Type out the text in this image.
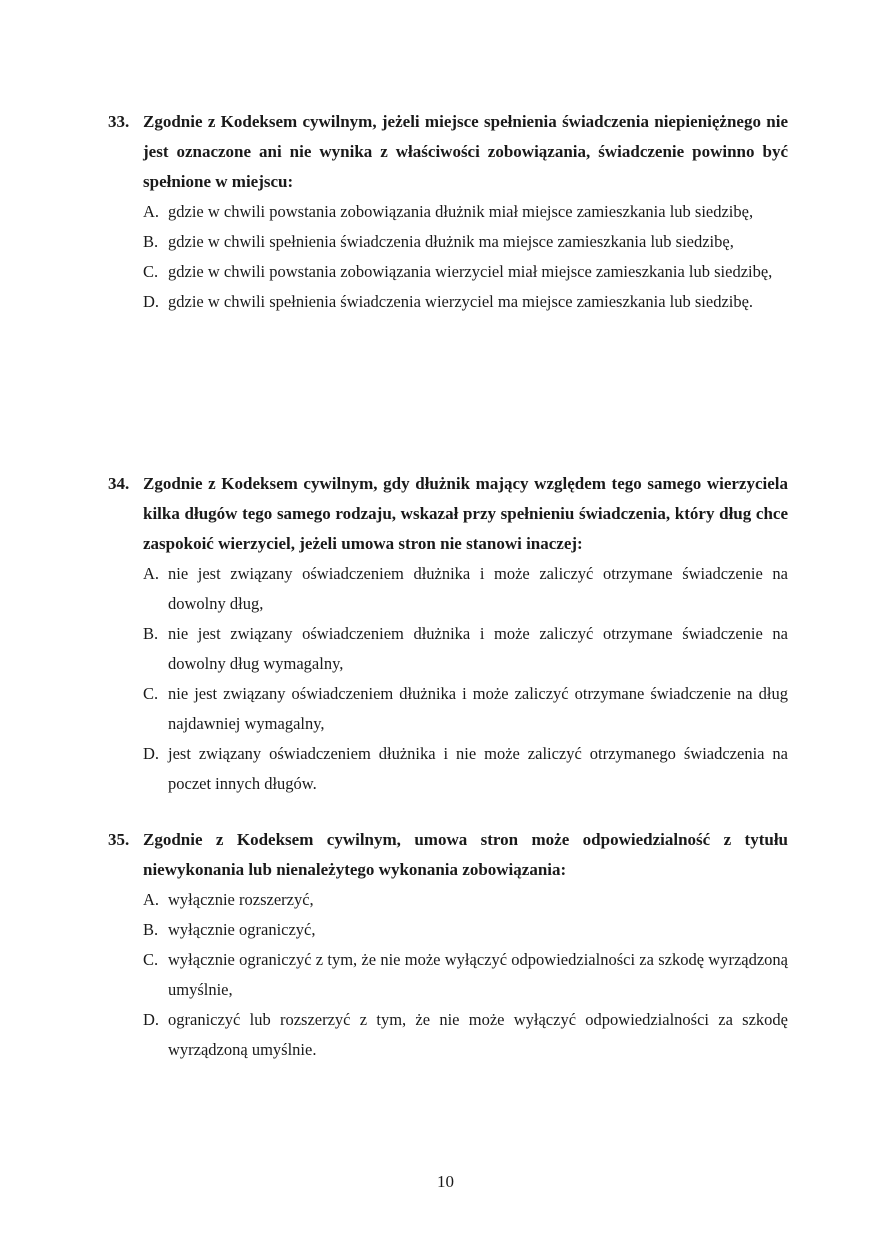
33. Zgodnie z Kodeksem cywilnym, jeżeli miejsce spełnienia świadczenia niepieniężnego nie jest oznaczone ani nie wynika z właściwości zobowiązania, świadczenie powinno być spełnione w miejscu:
A. gdzie w chwili powstania zobowiązania dłużnik miał miejsce zamieszkania lub siedzibę,
B. gdzie w chwili spełnienia świadczenia dłużnik ma miejsce zamieszkania lub siedzibę,
C. gdzie w chwili powstania zobowiązania wierzyciel miał miejsce zamieszkania lub siedzibę,
D. gdzie w chwili spełnienia świadczenia wierzyciel ma miejsce zamieszkania lub siedzibę.
34. Zgodnie z Kodeksem cywilnym, gdy dłużnik mający względem tego samego wierzyciela kilka długów tego samego rodzaju, wskazał przy spełnieniu świadczenia, który dług chce zaspokoić wierzyciel, jeżeli umowa stron nie stanowi inaczej:
A. nie jest związany oświadczeniem dłużnika i może zaliczyć otrzymane świadczenie na dowolny dług,
B. nie jest związany oświadczeniem dłużnika i może zaliczyć otrzymane świadczenie na dowolny dług wymagalny,
C. nie jest związany oświadczeniem dłużnika i może zaliczyć otrzymane świadczenie na dług najdawniej wymagalny,
D. jest związany oświadczeniem dłużnika i nie może zaliczyć otrzymanego świadczenia na poczet innych długów.
35. Zgodnie z Kodeksem cywilnym, umowa stron może odpowiedzialność z tytułu niewykonania lub nienależytego wykonania zobowiązania:
A. wyłącznie rozszerzyć,
B. wyłącznie ograniczyć,
C. wyłącznie ograniczyć z tym, że nie może wyłączyć odpowiedzialności za szkodę wyrządzoną umyślnie,
D. ograniczyć lub rozszerzyć z tym, że nie może wyłączyć odpowiedzialności za szkodę wyrządzoną umyślnie.
10
